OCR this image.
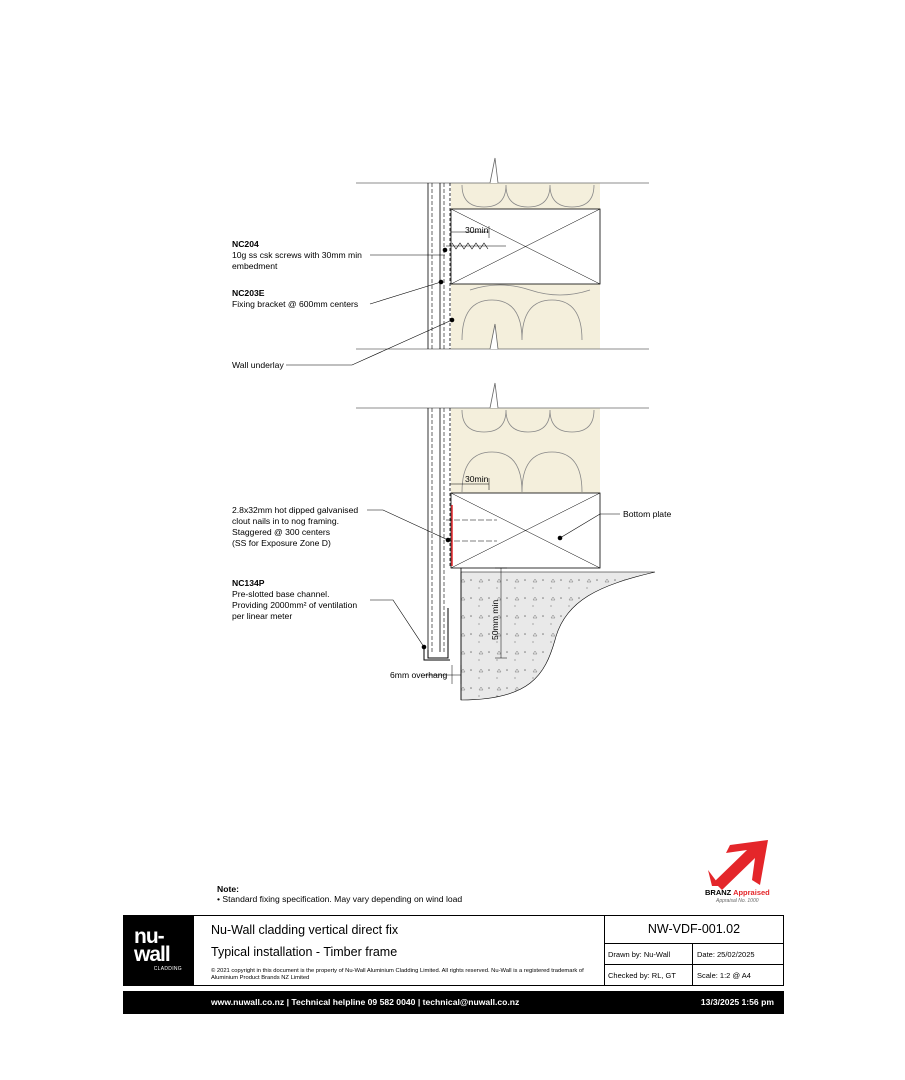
30min
30min
50mm min
NC204
10g ss csk screws with 30mm min
embedment
NC203E
Fixing bracket @ 600mm centers
Wall underlay
2.8x32mm hot dipped galvanised
clout nails in to nog framing.
Staggered @ 300 centers
(SS for Exposure Zone D)
NC134P
Pre-slotted base channel.
Providing 2000mm² of ventilation
per linear meter
Bottom plate
6mm overhang
Note:
• Standard fixing specification. May vary depending on wind load
BRANZ Appraised
Appraisal No. 1000
nu-
wall
CLADDING
Nu-Wall cladding vertical direct fix
Typical installation - Timber frame
© 2021 copyright in this document is the property of Nu-Wall Aluminium Cladding Limited. All rights reserved. Nu-Wall is a registered trademark of Aluminium Product Brands NZ Limited
NW-VDF-001.02
Drawn by: Nu-Wall	Date: 25/02/2025
Checked by: RL, GT	Scale: 1:2 @ A4
www.nuwall.co.nz | Technical helpline 09 582 0040 | technical@nuwall.co.nz	13/3/2025 1:56 pm
